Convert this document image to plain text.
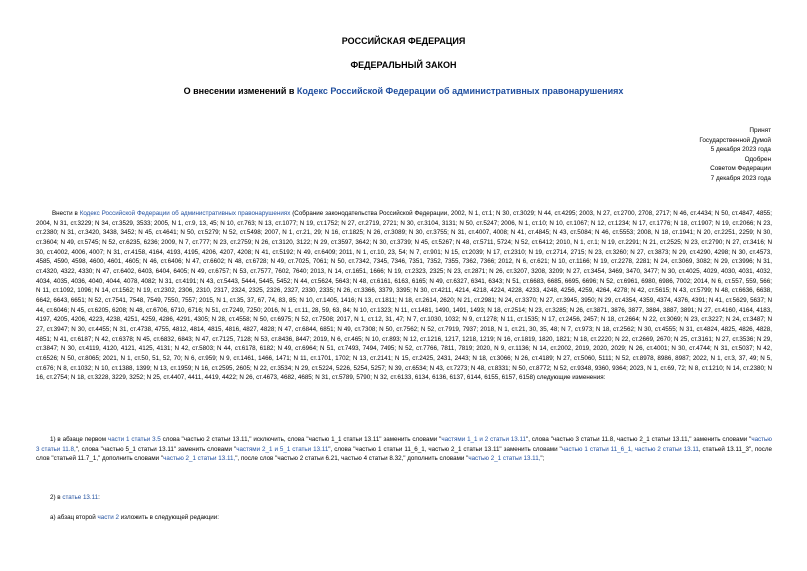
РОССИЙСКАЯ ФЕДЕРАЦИЯ
ФЕДЕРАЛЬНЫЙ ЗАКОН
О внесении изменений в Кодекс Российской Федерации об административных правонарушениях
Принят
Государственной Думой
5 декабря 2023 года
Одобрен
Советом Федерации
7 декабря 2023 года
Внести в Кодекс Российской Федерации об административных правонарушениях (Собрание законодательства Российской Федерации, 2002, N 1, ст.1; N 30, ст.3029; N 44, ст.4295; 2003, N 27, ст.2700, 2708, 2717; N 46, ст.4434; N 50, ст.4847, 4855; 2004, N 31, ст.3229; N 34, ст.3529, 3533; 2005, N 1, ст.9, 13, 45; N 10, ст.763; N 13, ст.1077; N 19, ст.1752; N 27, ст.2719, 2721; N 30, ст.3104, 3131; N 50, ст.5247; 2006, N 1, ст.10; N 10, ст.1067; N 12, ст.1234; N 17, ст.1776; N 18, ст.1907; N 19, ст.2066; N 23, ст.2380; N 31, ст.3420, 3438, 3452; N 45, ст.4641; N 50, ст.5279; N 52, ст.5498; 2007, N 1, ст.21, 29; N 16, ст.1825; N 26, ст.3089; N 30, ст.3755; N 31, ст.4007, 4008; N 41, ст.4845; N 43, ст.5084; N 46, ст.5553; 2008, N 18, ст.1941; N 20, ст.2251, 2259; N 30, ст.3604; N 49, ст.5745; N 52, ст.6235, 6236; 2009, N 7, ст.777; N 23, ст.2759; N 26, ст.3120, 3122; N 29, ст.3597, 3642; N 30, ст.3739; N 45, ст.5267; N 48, ст.5711, 5724; N 52, ст.6412; 2010, N 1, ст.1; N 19, ст.2291; N 21, ст.2525; N 23, ст.2790; N 27, ст.3416; N 30, ст.4002, 4006, 4007; N 31, ст.4158, 4164, 4193, 4195, 4206, 4207, 4208; N 41, ст.5192; N 49, ст.6409; 2011, N 1, ст.10, 23, 54; N 7, ст.901; N 15, ст.2039; N 17, ст.2310; N 19, ст.2714, 2715; N 23, ст.3260; N 27, ст.3873; N 29, ст.4290, 4298; N 30, ст.4573, 4585, 4590, 4598, 4600, 4601, 4605; N 46, ст.6406; N 47, ст.6602; N 48, ст.6728; N 49, ст.7025, 7061; N 50, ст.7342, 7345, 7346, 7351, 7352, 7355, 7362, 7366; 2012, N 6, ст.621; N 10, ст.1166; N 19, ст.2278, 2281; N 24, ст.3069, 3082; N 29, ст.3996; N 31, ст.4320, 4322, 4330; N 47, ст.6402, 6403, 6404, 6405; N 49, ст.6757; N 53, ст.7577, 7602, 7640; 2013, N 14, ст.1651, 1666; N 19, ст.2323, 2325; N 23, ст.2871; N 26, ст.3207, 3208, 3209; N 27, ст.3454, 3469, 3470, 3477; N 30, ст.4025, 4029, 4030, 4031, 4032, 4034, 4035, 4036, 4040, 4044, 4078, 4082; N 31, ст.4191; N 43, ст.5443, 5444, 5445, 5452; N 44, ст.5624, 5643; N 48, ст.6161, 6163, 6165; N 49, ст.6327, 6341, 6343; N 51, ст.6683, 6685, 6695, 6696; N 52, ст.6961, 6980, 6986, 7002; 2014, N 6, ст.557, 559, 566; N 11, ст.1092, 1096; N 14, ст.1562; N 19, ст.2302, 2306, 2310, 2317, 2324, 2325, 2326, 2327, 2330, 2335; N 26, ст.3366, 3379, 3395; N 30, ст.4211, 4214, 4218, 4224, 4228, 4233, 4248, 4256, 4259, 4264, 4278; N 42, ст.5615; N 43, ст.5799; N 48, ст.6636, 6638, 6642, 6643, 6651; N 52, ст.7541, 7548, 7549, 7550, 7557; 2015, N 1, ст.35, 37, 67, 74, 83, 85; N 10, ст.1405, 1416; N 13, ст.1811; N 18, ст.2614, 2620; N 21, ст.2981; N 24, ст.3370; N 27, ст.3945, 3950; N 29, ст.4354, 4359, 4374, 4376, 4391; N 41, ст.5629, 5637; N 44, ст.6046; N 45, ст.6205, 6208; N 48, ст.6706, 6710, 6716; N 51, ст.7249, 7250; 2016, N 1, ст.11, 28, 59, 63, 84; N 10, ст.1323; N 11, ст.1481, 1490, 1491, 1493; N 18, ст.2514; N 23, ст.3285; N 26, ст.3871, 3876, 3877, 3884, 3887, 3891; N 27, ст.4160, 4164, 4183, 4197, 4205, 4206, 4223, 4238, 4251, 4259, 4286, 4291, 4305; N 28, ст.4558; N 50, ст.6975; N 52, ст.7508; 2017, N 1, ст.12, 31, 47; N 7, ст.1030, 1032; N 9, ст.1278; N 11, ст.1535; N 17, ст.2456, 2457; N 18, ст.2664; N 22, ст.3069; N 23, ст.3227; N 24, ст.3487; N 27, ст.3947; N 30, ст.4455; N 31, ст.4738, 4755, 4812, 4814, 4815, 4816, 4827, 4828; N 47, ст.6844, 6851; N 49, ст.7308; N 50, ст.7562; N 52, ст.7919, 7937; 2018, N 1, ст.21, 30, 35, 48; N 7, ст.973; N 18, ст.2562; N 30, ст.4555; N 31, ст.4824, 4825, 4826, 4828, 4851; N 41, ст.6187; N 42, ст.6378; N 45, ст.6832, 6843; N 47, ст.7125, 7128; N 53, ст.8436, 8447; 2019, N 6, ст.465; N 10, ст.893; N 12, ст.1216, 1217, 1218, 1219; N 16, ст.1819, 1820, 1821; N 18, ст.2220; N 22, ст.2669, 2670; N 25, ст.3161; N 27, ст.3536; N 29, ст.3847; N 30, ст.4119, 4120, 4121, 4125, 4131; N 42, ст.5803; N 44, ст.6178, 6182; N 49, ст.6964; N 51, ст.7493, 7494, 7495; N 52, ст.7766, 7811, 7819; 2020, N 9, ст.1136; N 14, ст.2002, 2019, 2020, 2029; N 26, ст.4001; N 30, ст.4744; N 31, ст.5037; N 42, ст.6526; N 50, ст.8065; 2021, N 1, ст.50, 51, 52, 70; N 6, ст.959; N 9, ст.1461, 1466, 1471; N 11, ст.1701, 1702; N 13, ст.2141; N 15, ст.2425, 2431, 2443; N 18, ст.3066; N 26, ст.4189; N 27, ст.5060, 5111; N 52, ст.8978, 8986, 8987; 2022, N 1, ст.3, 37, 49; N 5, ст.676; N 8, ст.1032; N 10, ст.1388, 1399; N 13, ст.1959; N 16, ст.2595, 2605; N 22, ст.3534; N 29, ст.5224, 5226, 5254, 5257; N 39, ст.6534; N 43, ст.7273; N 48, ст.8331; N 50, ст.8772; N 52, ст.9348, 9360, 9364; 2023, N 1, ст.69, 72; N 8, ст.1210; N 14, ст.2380; N 16, ст.2754; N 18, ст.3228, 3229, 3252; N 25, ст.4407, 4411, 4419, 4422; N 26, ст.4673, 4682, 4685; N 31, ст.5789, 5790; N 32, ст.6133, 6134, 6136, 6137, 6144, 6155, 6157, 6158) следующие изменения:
1) в абзаце первом части 1 статьи 3.5 слова "частью 2 статьи 13.11," исключить, слова "частью 1_1 статьи 13.11" заменить словами "частями 1_1 и 2 статьи 13.11", слова "частью 3 статьи 11.8, частью 2_1 статьи 13.11," заменить словами "частью 3 статьи 11.8,", слова "частью 5_1 статьи 13.11" заменить словами "частями 2_1 и 5_1 статьи 13.11", слова "частью 1 статьи 11_6_1, частью 2_1 статьи 13.11" заменить словами "частью 1 статьи 11_6_1, частью 2 статьи 13.11, статьей 13.11_3", после слов "статьей 11.7_1," дополнить словами "частью 2_1 статьи 13.11,", после слов "частью 2 статьи 6.21, частью 4 статьи 8.32," дополнить словами "частью 2_1 статьи 13.11,";
2) в статье 13.11:
а) абзац второй части 2 изложить в следующей редакции:
